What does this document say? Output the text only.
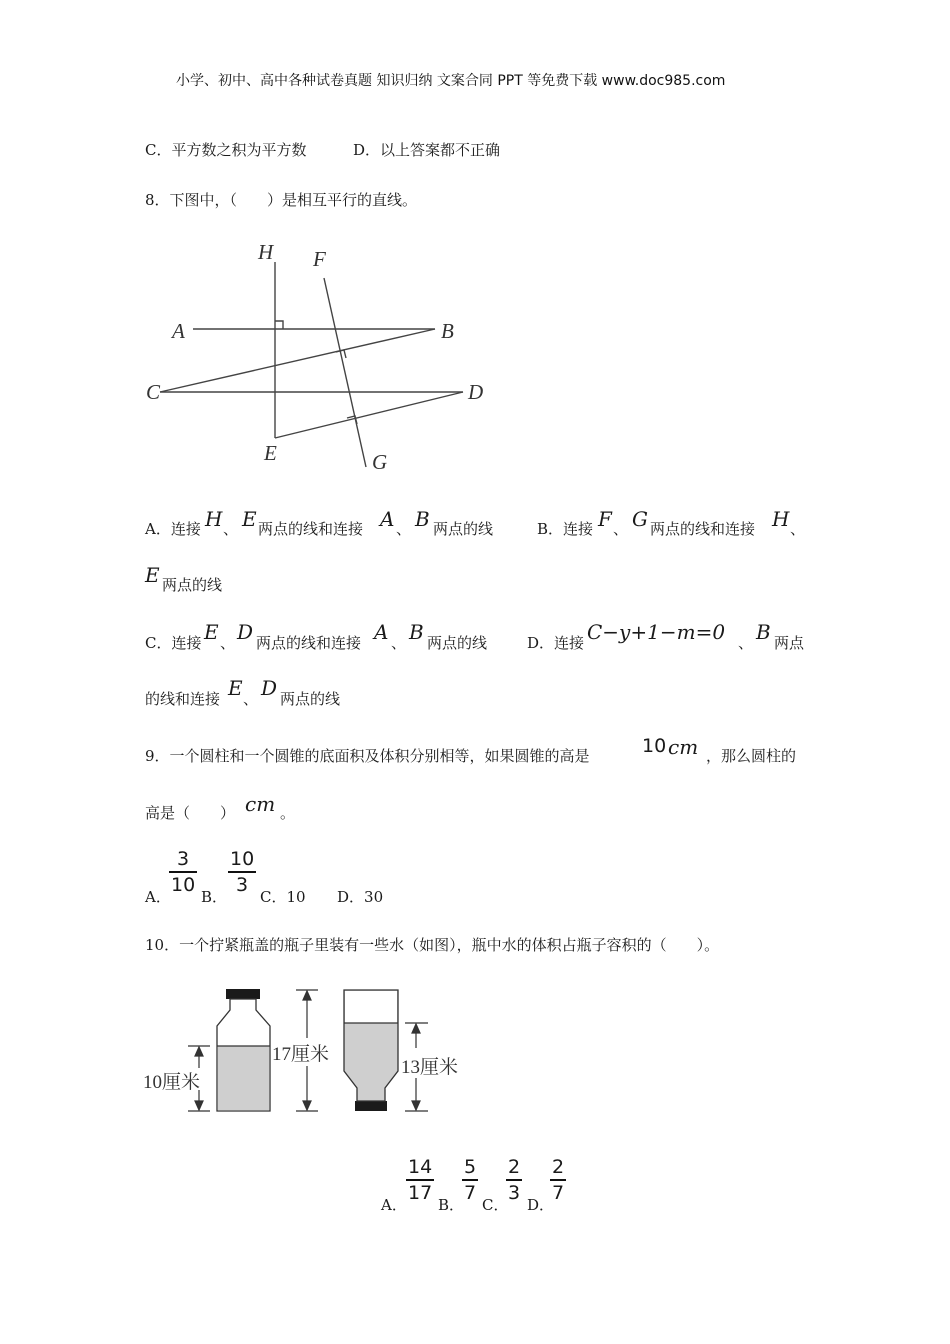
小学、初中、高中各种试卷真题 知识归纳 文案合同 PPT 等免费下载 www.doc985.com
C．平方数之积为平方数	D．以上答案都不正确
8．下图中，（　　）是相互平行的直线。
H F
A	B
C	D
E	G
A．连接 H 、 E 两点的线和连接 A 、 B 两点的线	B．连接 F 、 G 两点的线和连接 H 、
E 两点的线
C．连接 E 、 D 两点的线和连接 A 、 B 两点的线	D．连接 C−y+1−m=0 、 B 两点
的线和连接 E 、 D 两点的线
9．一个圆柱和一个圆锥的底面积及体积分别相等，如果圆锥的高是	10 cm ，那么圆柱的
高是（　　） cm 。
A．
3
10
B．
10
3
C．10 D．30
10．一个拧紧瓶盖的瓶子里装有一些水（如图），瓶中水的体积占瓶子容积的（　　）。
10厘米
17厘米
13厘米
A．
14
17
B．
5
7
C．
2
3
D．
2
7
